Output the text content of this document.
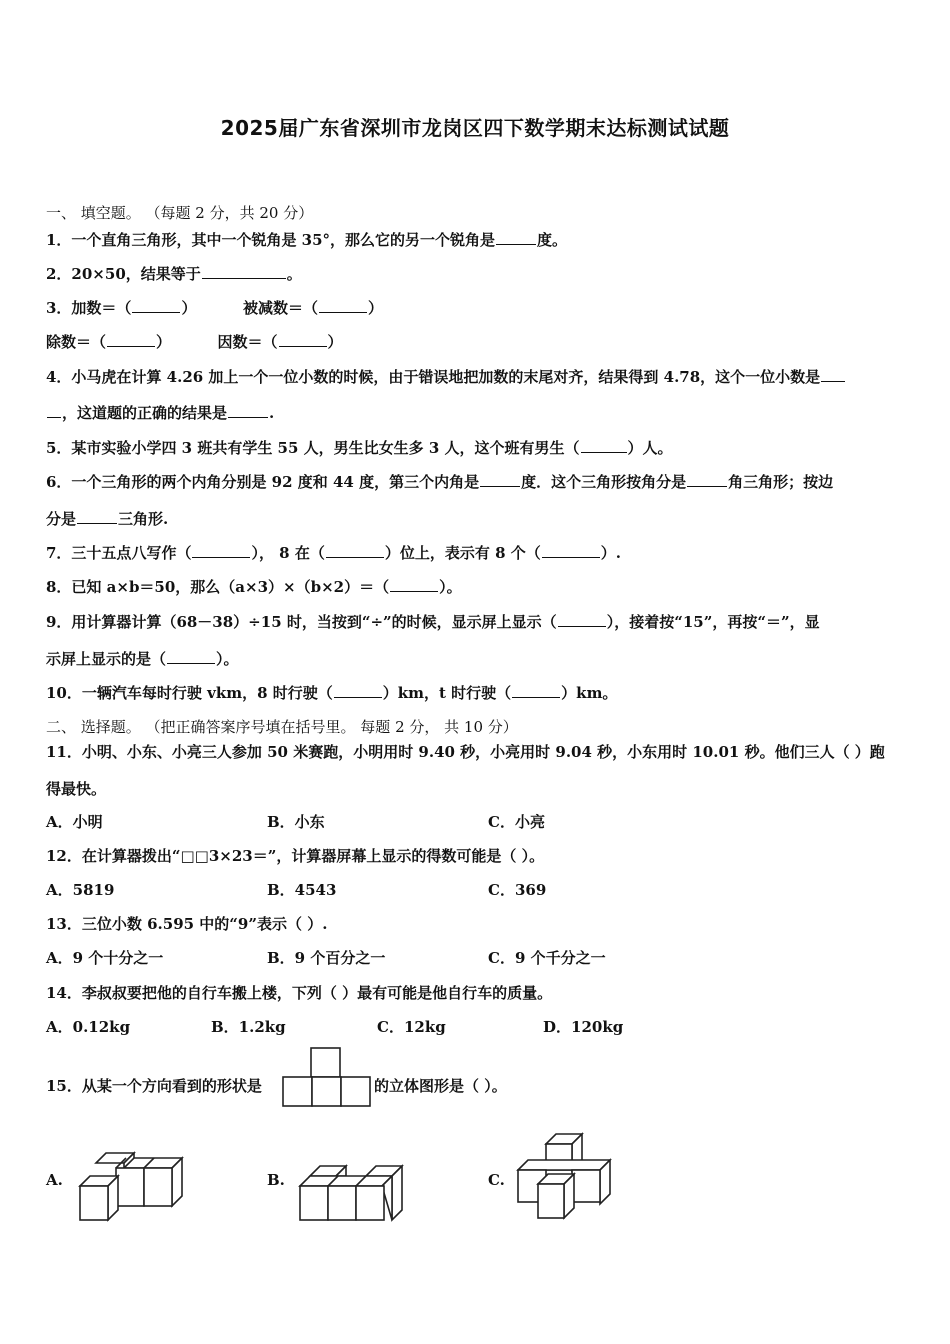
2025届广东省深圳市龙岗区四下数学期末达标测试试题
一、 填空题。 （每题 2 分，共 20 分）
1．一个直角三角形，其中一个锐角是 35°，那么它的另一个锐角是	度。
2．20×50，结果等于	。
3．加数＝（	）	被减数＝（	）
除数＝（	）	因数＝（	）
4．小马虎在计算 4.26 加上一个一位小数的时候，由于错误地把加数的末尾对齐，结果得到 4.78，这个一位小数是
，这道题的正确的结果是	.
5．某市实验小学四 3 班共有学生 55 人，男生比女生多 3 人，这个班有男生（	）人。
6．一个三角形的两个内角分别是 92 度和 44 度，第三个内角是	度．这个三角形按角分是	角三角形；按边
分是	三角形.
7．三十五点八写作（	）， 8 在（	）位上，表示有 8 个（	）.
8．已知 a×b＝50，那么（a×3）×（b×2）＝（	）。
9．用计算器计算（68－38）÷15 时，当按到“÷”的时候，显示屏上显示（	），接着按“15”，再按“＝”，显
示屏上显示的是（	）。
10．一辆汽车每时行驶 vkm，8 时行驶（	）km，t 时行驶（	）km。
二、 选择题。 （把正确答案序号填在括号里。 每题 2 分， 共 10 分）
11．小明、小东、小亮三人参加 50 米赛跑，小明用时 9.40 秒，小亮用时 9.04 秒，小东用时 10.01 秒。他们三人（ ）跑
得最快。
A．小明	B．小东	C．小亮
12．在计算器拨出“□□3×23＝”，计算器屏幕上显示的得数可能是（ ）。
A．5819	B．4543	C．369
13．三位小数 6.595 中的“9”表示（ ）.
A．9 个十分之一	B．9 个百分之一	C．9 个千分之一
14．李叔叔要把他的自行车搬上楼，下列（ ）最有可能是他自行车的质量。
A．0.12kg	B．1.2kg	C．12kg	D．120kg
15．从某一个方向看到的形状是	的立体图形是（ ）。
A.	B.	C.
